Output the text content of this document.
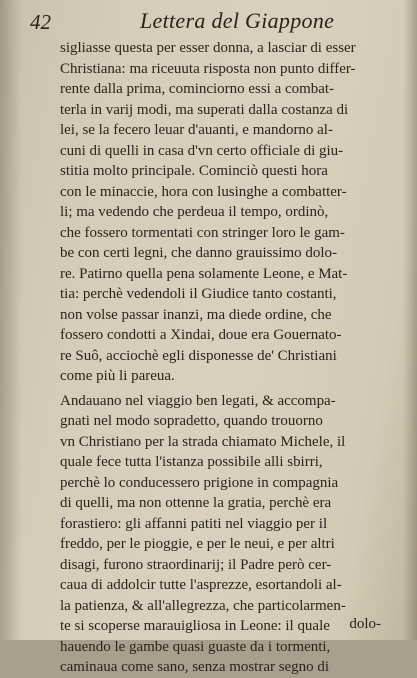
42	Lettera del Giappone
sigliasse questa per esser donna, a lasciar di esser
Christiana: ma riceuuta risposta non punto differ-
rente dalla prima, cominciorno essi a combat-
terla in varij modi, ma superati dalla costanza di
lei, se la fecero leuar d'auanti, e mandorno al-
cuni di quelli in casa d'vn certo officiale di giu-
stitia molto principale. Cominciò questi hora
con le minaccie, hora con lusinghe a combatter-
li; ma vedendo che perdeua il tempo, ordinò,
che fossero tormentati con stringer loro le gam-
be con certi legni, che danno grauissimo dolo-
re. Patirno quella pena solamente Leone, e Mat-
tia: perchè vedendoli il Giudice tanto costanti,
non volse passar inanzi, ma diede ordine, che
fossero condotti a Xindai, doue era Gouernato-
re Suô, acciochè egli disponesse de' Christiani
come più li pareua.
Andauano nel viaggio ben legati, & accompa-
gnati nel modo sopradetto, quando trouorno
vn Christiano per la strada chiamato Michele, il
quale fece tutta l'istanza possibile alli sbirri,
perchè lo conducessero prigione in compagnia
di quelli, ma non ottenne la gratia, perchè era
forastiero: gli affanni patiti nel viaggio per il
freddo, per le pioggie, e per le neui, e per altri
disagi, furono straordinarij; il Padre però cer-
caua di addolcir tutte l'asprezze, esortandoli al-
la patienza, & all'allegrezza, che particolarmen-
te si scoperse marauigliosa in Leone: il quale
hauendo le gambe quasi guaste da i tormenti,
caminaua come sano, senza mostrar segno di
dolo-
